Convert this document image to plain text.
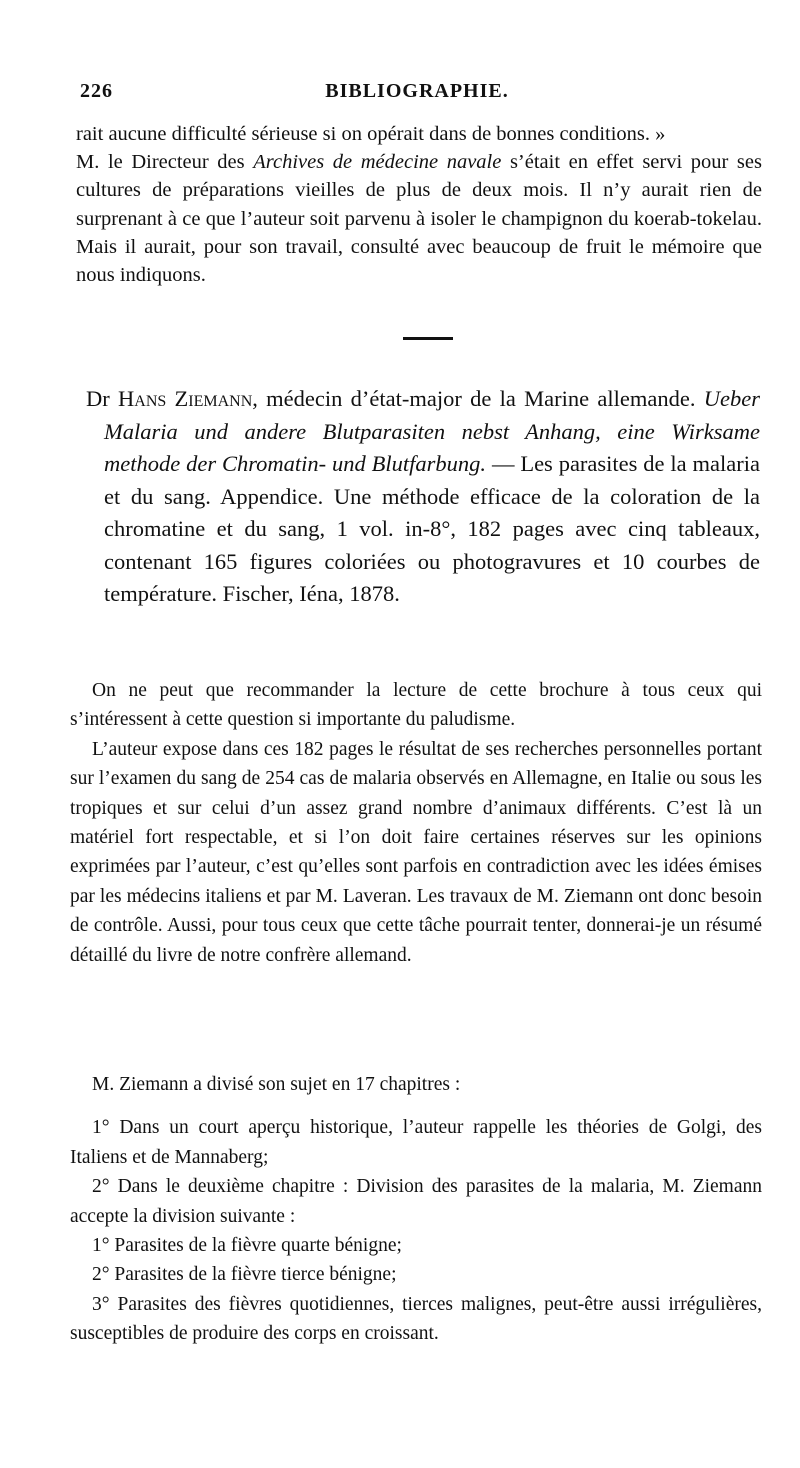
226	BIBLIOGRAPHIE.

rait aucune difficulté sérieuse si on opérait dans de bonnes conditions. »

M. le Directeur des Archives de médecine navale s’était en effet servi pour ses cultures de préparations vieilles de plus de deux mois. Il n’y aurait rien de surprenant à ce que l’auteur soit parvenu à isoler le champignon du koerab-tokelau. Mais il aurait, pour son travail, consulté avec beaucoup de fruit le mémoire que nous indiquons.

Dr Hans Ziemann, médecin d’état-major de la Marine allemande. Ueber Malaria und andere Blutparasiten nebst Anhang, eine Wirksame methode der Chromatin- und Blutfarbung. — Les parasites de la malaria et du sang. Appendice. Une méthode efficace de la coloration de la chromatine et du sang, 1 vol. in-8°, 182 pages avec cinq tableaux, contenant 165 figures coloriées ou photogravures et 10 courbes de température. Fischer, Iéna, 1878.

On ne peut que recommander la lecture de cette brochure à tous ceux qui s’intéressent à cette question si importante du paludisme.

L’auteur expose dans ces 182 pages le résultat de ses recherches personnelles portant sur l’examen du sang de 254 cas de malaria observés en Allemagne, en Italie ou sous les tropiques et sur celui d’un assez grand nombre d’animaux différents. C’est là un matériel fort respectable, et si l’on doit faire certaines réserves sur les opinions exprimées par l’auteur, c’est qu’elles sont parfois en contradiction avec les idées émises par les médecins italiens et par M. Laveran. Les travaux de M. Ziemann ont donc besoin de contrôle. Aussi, pour tous ceux que cette tâche pourrait tenter, donnerai-je un résumé détaillé du livre de notre confrère allemand.

M. Ziemann a divisé son sujet en 17 chapitres :

1° Dans un court aperçu historique, l’auteur rappelle les théories de Golgi, des Italiens et de Mannaberg;

2° Dans le deuxième chapitre : Division des parasites de la malaria, M. Ziemann accepte la division suivante :

1° Parasites de la fièvre quarte bénigne;

2° Parasites de la fièvre tierce bénigne;

3° Parasites des fièvres quotidiennes, tierces malignes, peut-être aussi irrégulières, susceptibles de produire des corps en croissant.
